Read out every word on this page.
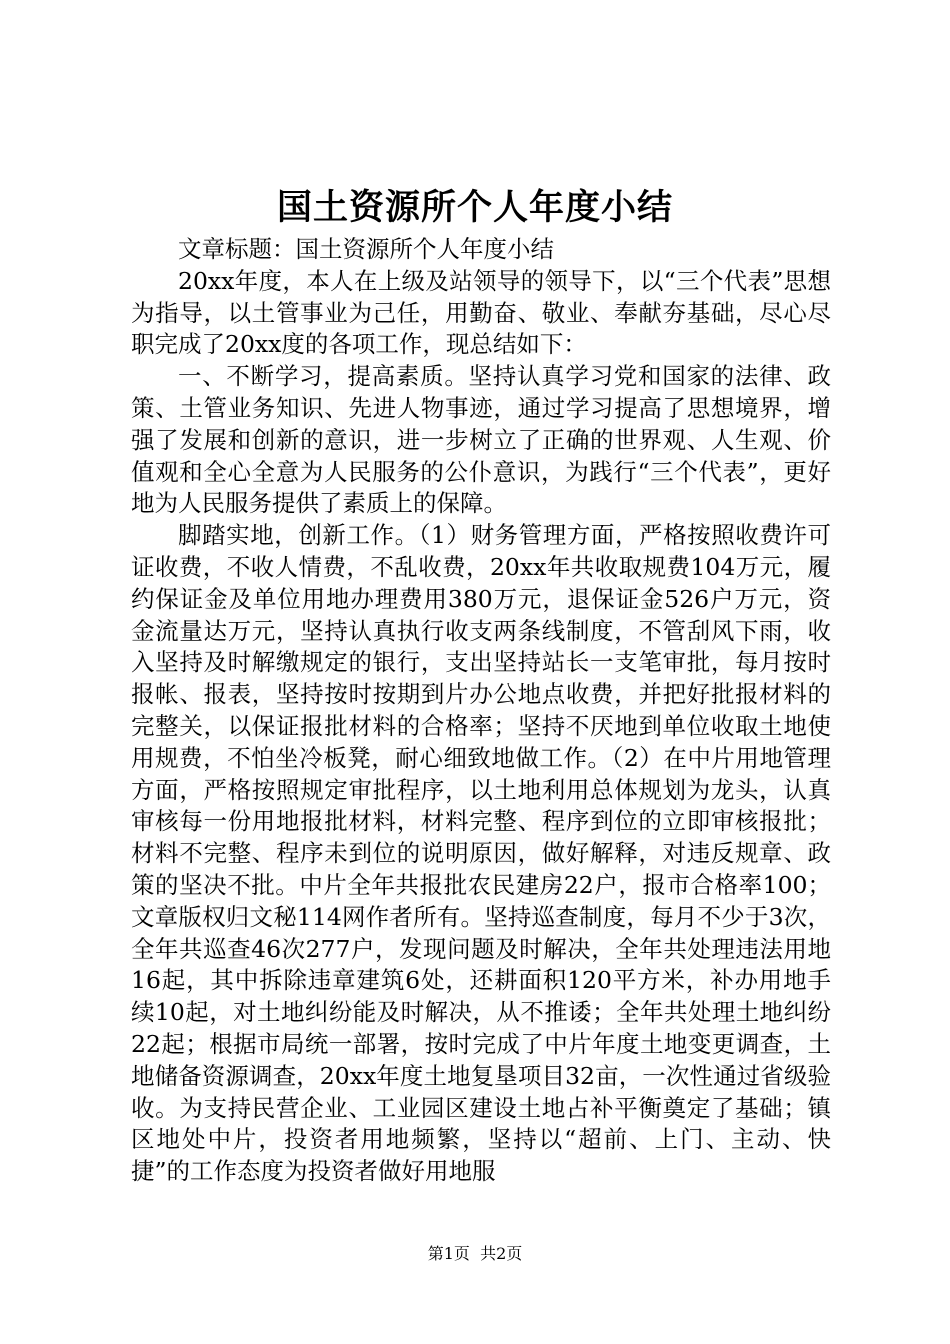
国土资源所个人年度小结

文章标题：国土资源所个人年度小结

20xx年度，本人在上级及站领导的领导下，以“三个代表”思想为指导，以土管事业为己任，用勤奋、敬业、奉献夯基础，尽心尽职完成了20xx度的各项工作，现总结如下：

一、不断学习，提高素质。坚持认真学习党和国家的法律、政策、土管业务知识、先进人物事迹，通过学习提高了思想境界，增强了发展和创新的意识，进一步树立了正确的世界观、人生观、价值观和全心全意为人民服务的公仆意识，为践行“三个代表”，更好地为人民服务提供了素质上的保障。

脚踏实地，创新工作。（1）财务管理方面，严格按照收费许可证收费，不收人情费，不乱收费，20xx年共收取规费104万元，履约保证金及单位用地办理费用380万元，退保证金526户万元，资金流量达万元，坚持认真执行收支两条线制度，不管刮风下雨，收入坚持及时解缴规定的银行，支出坚持站长一支笔审批，每月按时报帐、报表，坚持按时按期到片办公地点收费，并把好批报材料的完整关，以保证报批材料的合格率；坚持不厌地到单位收取土地使用规费，不怕坐冷板凳，耐心细致地做工作。（2）在中片用地管理方面，严格按照规定审批程序，以土地利用总体规划为龙头，认真审核每一份用地报批材料，材料完整、程序到位的立即审核报批；材料不完整、程序未到位的说明原因，做好解释，对违反规章、政策的坚决不批。中片全年共报批农民建房22户，报市合格率100；文章版权归文秘114网作者所有。坚持巡查制度，每月不少于3次，全年共巡查46次277户，发现问题及时解决，全年共处理违法用地16起，其中拆除违章建筑6处，还耕面积120平方米，补办用地手续10起，对土地纠纷能及时解决，从不推诿；全年共处理土地纠纷22起；根据市局统一部署，按时完成了中片年度土地变更调查，土地储备资源调查，20xx年度土地复垦项目32亩，一次性通过省级验收。为支持民营企业、工业园区建设土地占补平衡奠定了基础；镇区地处中片，投资者用地频繁，坚持以“超前、上门、主动、快捷”的工作态度为投资者做好用地服

第1页  共2页
